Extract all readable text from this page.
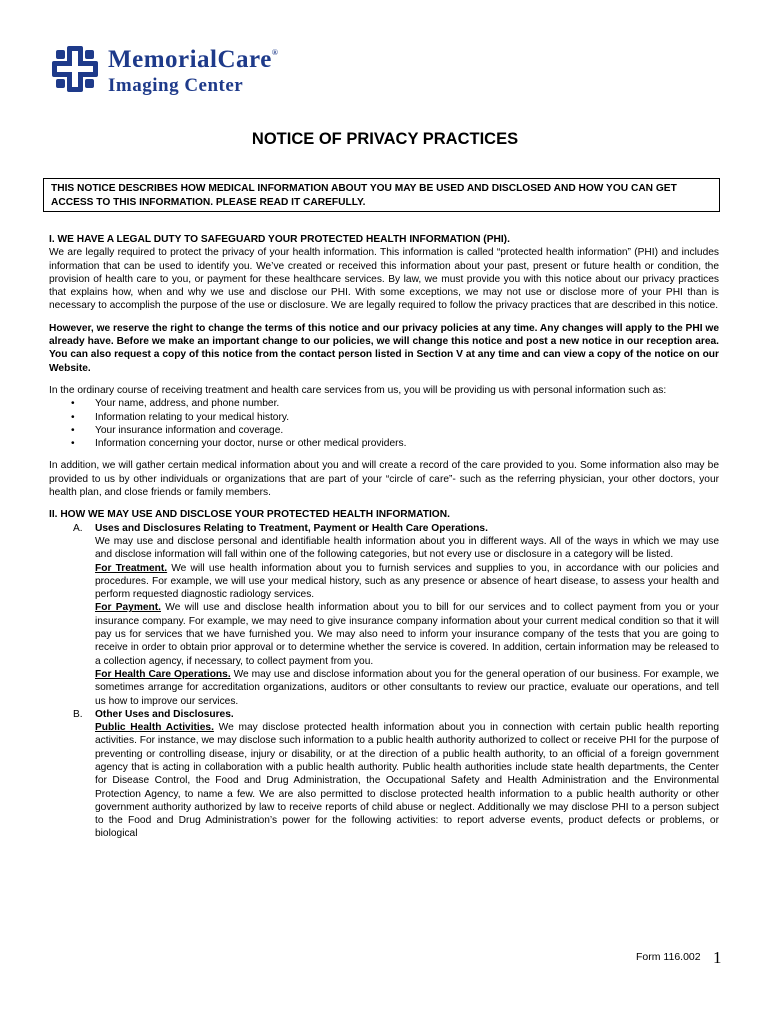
MemorialCare®
Imaging Center
NOTICE OF PRIVACY PRACTICES
THIS NOTICE DESCRIBES HOW MEDICAL INFORMATION ABOUT YOU MAY BE USED AND DISCLOSED AND HOW YOU CAN GET ACCESS TO THIS INFORMATION. PLEASE READ IT CAREFULLY.

I. WE HAVE A LEGAL DUTY TO SAFEGUARD YOUR PROTECTED HEALTH INFORMATION (PHI).

We are legally required to protect the privacy of your health information. This information is called “protected health information” (PHI) and includes information that can be used to identify you. We’ve created or received this information about your past, present or future health or condition, the provision of health care to you, or payment for these healthcare services. By law, we must provide you with this notice about our privacy practices that explains how, when and why we use and disclose our PHI. With some exceptions, we may not use or disclose more of your PHI than is necessary to accomplish the purpose of the use or disclosure. We are legally required to follow the privacy practices that are described in this notice.

However, we reserve the right to change the terms of this notice and our privacy policies at any time. Any changes will apply to the PHI we already have. Before we make an important change to our policies, we will change this notice and post a new notice in our reception area. You can also request a copy of this notice from the contact person listed in Section V at any time and can view a copy of the notice on our Website.

In the ordinary course of receiving treatment and health care services from us, you will be providing us with personal information such as:

• Your name, address, and phone number.
• Information relating to your medical history.
• Your insurance information and coverage.
• Information concerning your doctor, nurse or other medical providers.

In addition, we will gather certain medical information about you and will create a record of the care provided to you. Some information also may be provided to us by other individuals or organizations that are part of your “circle of care”- such as the referring physician, your other doctors, your health plan, and close friends or family members.

II. HOW WE MAY USE AND DISCLOSE YOUR PROTECTED HEALTH INFORMATION.

A. Uses and Disclosures Relating to Treatment, Payment or Health Care Operations.

We may use and disclose personal and identifiable health information about you in different ways. All of the ways in which we may use and disclose information will fall within one of the following categories, but not every use or disclosure in a category will be listed.

For Treatment. We will use health information about you to furnish services and supplies to you, in accordance with our policies and procedures. For example, we will use your medical history, such as any presence or absence of heart disease, to assess your health and perform requested diagnostic radiology services.

For Payment. We will use and disclose health information about you to bill for our services and to collect payment from you or your insurance company. For example, we may need to give insurance company information about your current medical condition so that it will pay us for services that we have furnished you. We may also need to inform your insurance company of the tests that you are going to receive in order to obtain prior approval or to determine whether the service is covered. In addition, certain information may be released to a collection agency, if necessary, to collect payment from you.

For Health Care Operations. We may use and disclose information about you for the general operation of our business. For example, we sometimes arrange for accreditation organizations, auditors or other consultants to review our practice, evaluate our operations, and tell us how to improve our services.

B. Other Uses and Disclosures.

Public Health Activities. We may disclose protected health information about you in connection with certain public health reporting activities. For instance, we may disclose such information to a public health authority authorized to collect or receive PHI for the purpose of preventing or controlling disease, injury or disability, or at the direction of a public health authority, to an official of a foreign government agency that is acting in collaboration with a public health authority. Public health authorities include state health departments, the Center for Disease Control, the Food and Drug Administration, the Occupational Safety and Health Administration and the Environmental Protection Agency, to name a few. We are also permitted to disclose protected health information to a public health authority or other government authority authorized by law to receive reports of child abuse or neglect. Additionally we may disclose PHI to a person subject to the Food and Drug Administration’s power for the following activities: to report adverse events, product defects or problems, or biological

Form 116.002 1
